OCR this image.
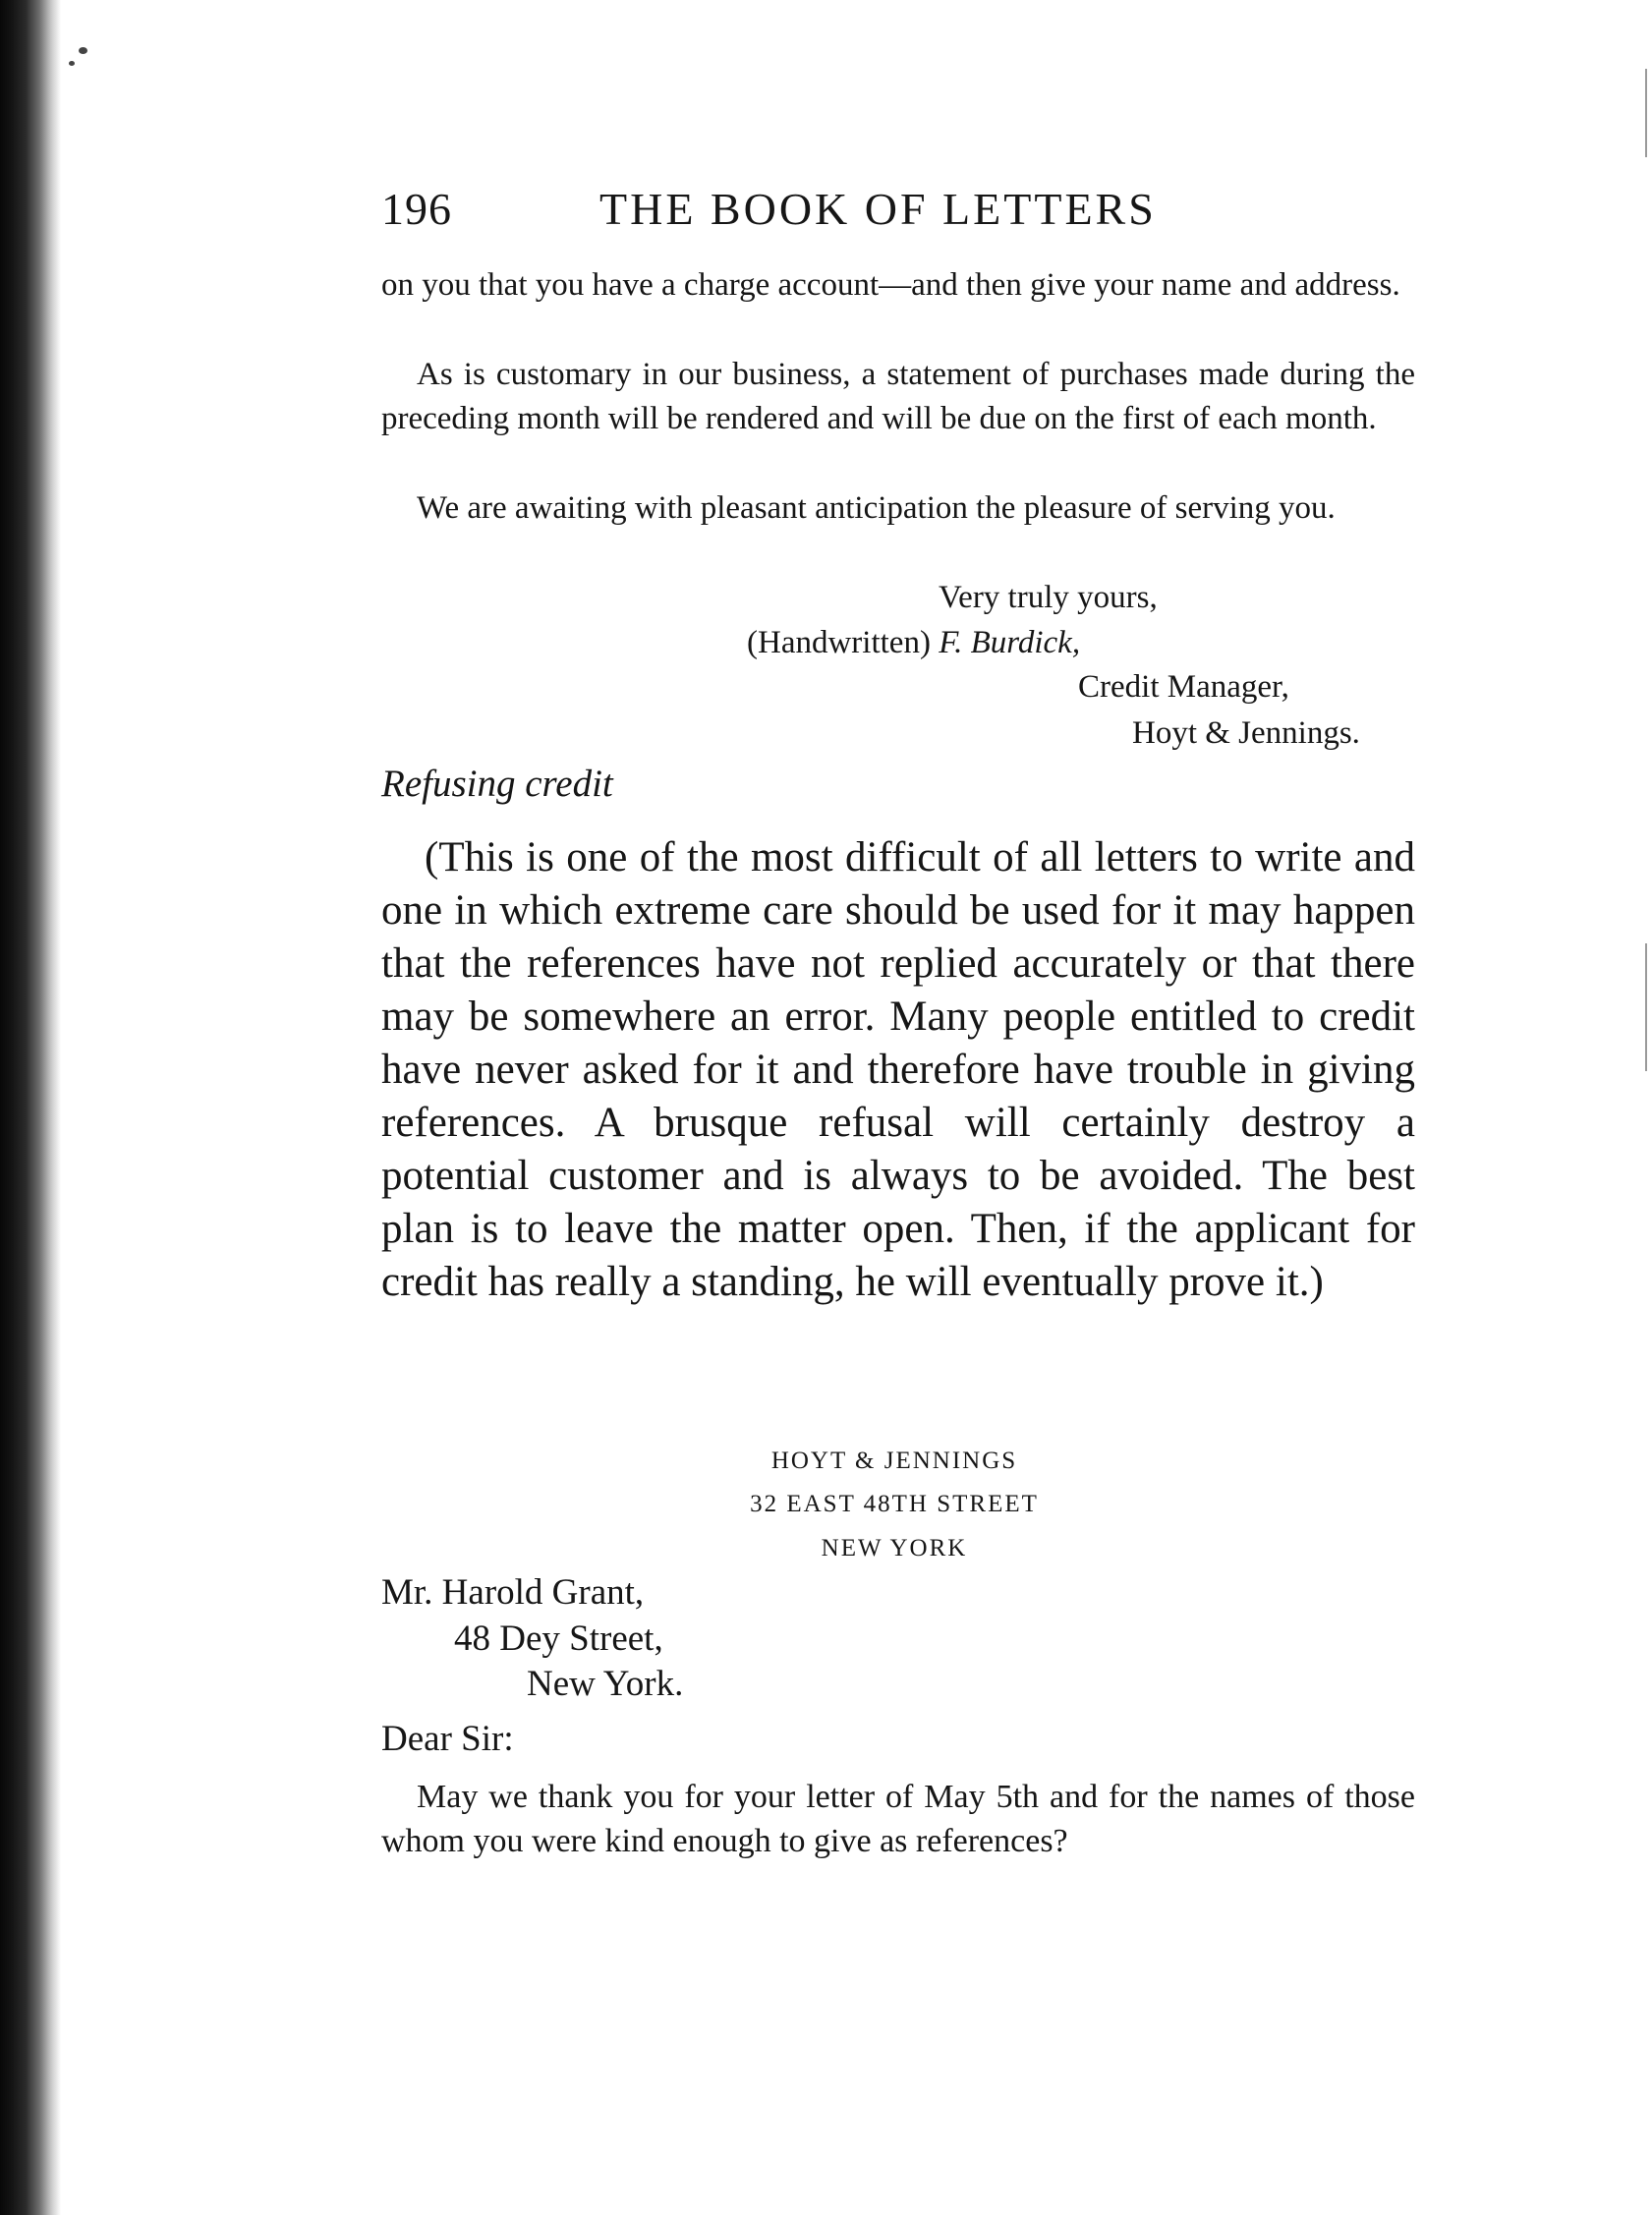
196	THE BOOK OF LETTERS

on you that you have a charge account—and then give your name and address.

As is customary in our business, a statement of purchases made during the preceding month will be rendered and will be due on the first of each month.

We are awaiting with pleasant anticipation the pleasure of serving you.

Very truly yours,
(Handwritten) F. Burdick,
Credit Manager,
Hoyt & Jennings.
Refusing credit

(This is one of the most difficult of all letters to write and one in which extreme care should be used for it may happen that the references have not replied accurately or that there may be somewhere an error. Many people entitled to credit have never asked for it and therefore have trouble in giving references. A brusque refusal will certainly destroy a potential customer and is always to be avoided. The best plan is to leave the matter open. Then, if the applicant for credit has really a standing, he will eventually prove it.)

HOYT & JENNINGS
32 EAST 48TH STREET
NEW YORK
Mr. Harold Grant,
48 Dey Street,
New York.
Dear Sir:

May we thank you for your letter of May 5th and for the names of those whom you were kind enough to give as references?
